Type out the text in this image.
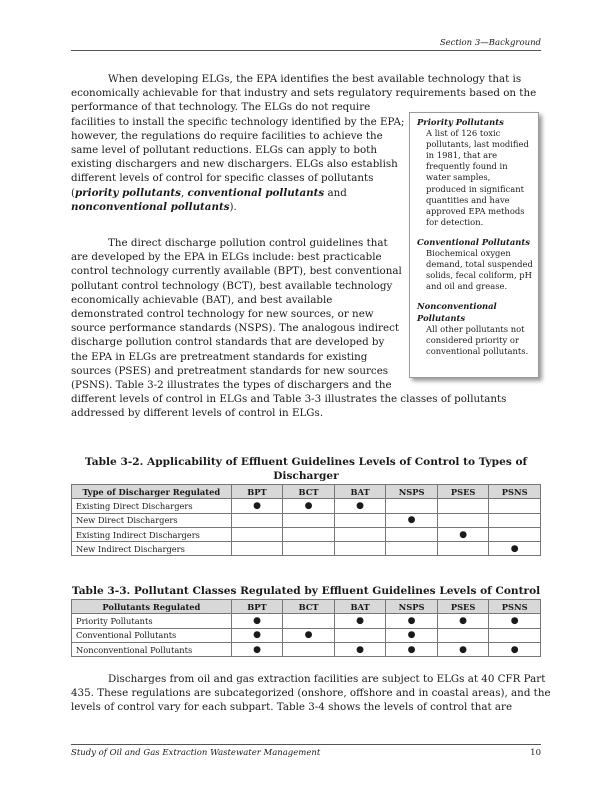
Section 3—Background

When developing ELGs, the EPA identifies the best available technology that is
economically achievable for that industry and sets regulatory requirements based on the
performance of that technology. The ELGs do not require
facilities to install the specific technology identified by the EPA;
however, the regulations do require facilities to achieve the
same level of pollutant reductions. ELGs can apply to both
existing dischargers and new dischargers. ELGs also establish
different levels of control for specific classes of pollutants
(priority pollutants, conventional pollutants and
nonconventional pollutants).

Priority Pollutants
A list of 126 toxic
pollutants, last modified
in 1981, that are
frequently found in
water samples,
produced in significant
quantities and have
approved EPA methods
for detection.
Conventional Pollutants
Biochemical oxygen
demand, total suspended
solids, fecal coliform, pH
and oil and grease.
Nonconventional
Pollutants
All other pollutants not
considered priority or
conventional pollutants.

The direct discharge pollution control guidelines that
are developed by the EPA in ELGs include: best practicable
control technology currently available (BPT), best conventional
pollutant control technology (BCT), best available technology
economically achievable (BAT), and best available
demonstrated control technology for new sources, or new
source performance standards (NSPS). The analogous indirect
discharge pollution control standards that are developed by
the EPA in ELGs are pretreatment standards for existing
sources (PSES) and pretreatment standards for new sources
(PSNS). Table 3-2 illustrates the types of dischargers and the
different levels of control in ELGs and Table 3-3 illustrates the classes of pollutants
addressed by different levels of control in ELGs.

Table 3-2. Applicability of Effluent Guidelines Levels of Control to Types of
Discharger
Type of Discharger Regulated	BPT	BCT	BAT	NSPS	PSES	PSNS
Existing Direct Dischargers	●	●	●			
New Direct Dischargers				●		
Existing Indirect Dischargers					●	
New Indirect Dischargers						●
Table 3-3. Pollutant Classes Regulated by Effluent Guidelines Levels of Control
Pollutants Regulated	BPT	BCT	BAT	NSPS	PSES	PSNS
Priority Pollutants	●		●	●	●	●
Conventional Pollutants	●	●		●		
Nonconventional Pollutants	●		●	●	●	●

Discharges from oil and gas extraction facilities are subject to ELGs at 40 CFR Part
435. These regulations are subcategorized (onshore, offshore and in coastal areas), and the
levels of control vary for each subpart. Table 3-4 shows the levels of control that are

Study of Oil and Gas Extraction Wastewater Management	10
